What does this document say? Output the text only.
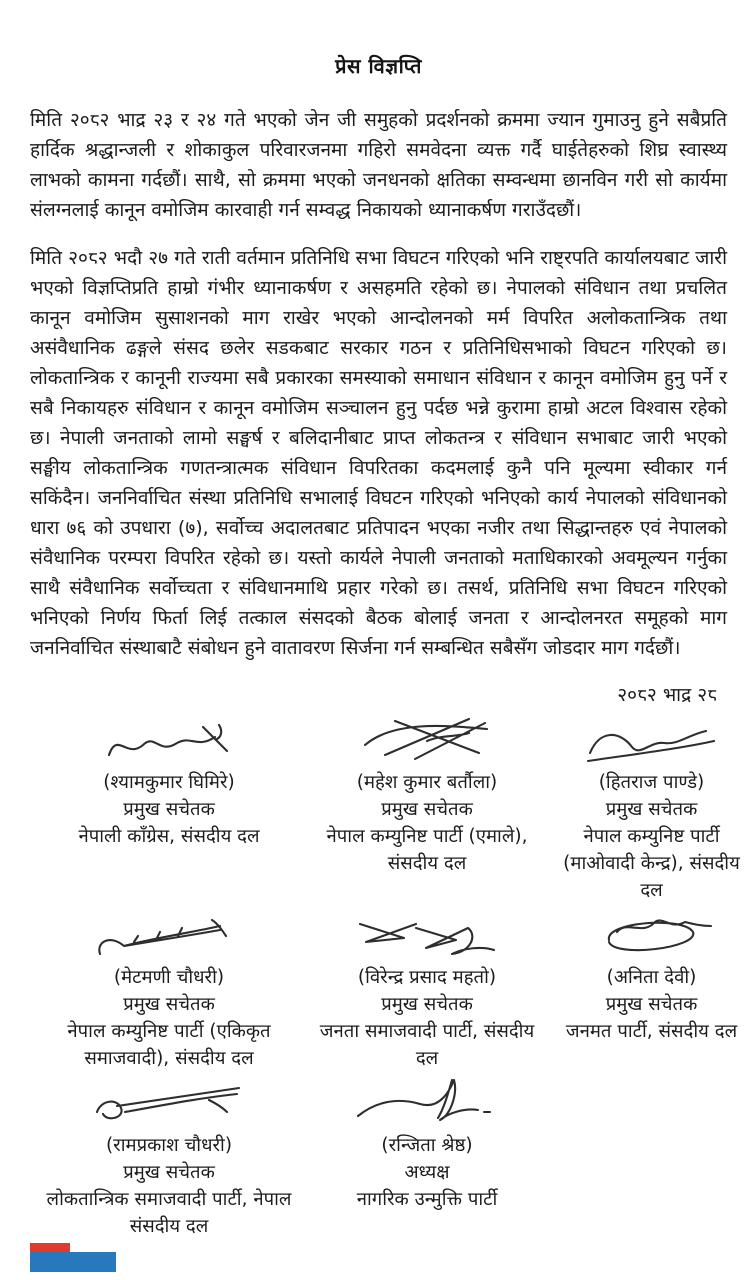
प्रेस विज्ञप्ति

मिति २०८२ भाद्र २३ र २४ गते भएको जेन जी समुहको प्रदर्शनको क्रममा ज्यान गुमाउनु हुने सबैप्रति हार्दिक श्रद्धान्जली र शोकाकुल परिवारजनमा गहिरो समवेदना व्यक्त गर्दै घाईतेहरुको शिघ्र स्वास्थ्य लाभको कामना गर्दछौं। साथै, सो क्रममा भएको जनधनको क्षतिका सम्वन्धमा छानविन गरी सो कार्यमा संलग्नलाई कानून वमोजिम कारवाही गर्न सम्वद्ध निकायको ध्यानाकर्षण गराउँदछौं।

मिति २०८२ भदौ २७ गते राती वर्तमान प्रतिनिधि सभा विघटन गरिएको भनि राष्ट्रपति कार्यालयबाट जारी भएको विज्ञप्तिप्रति हाम्रो गंभीर ध्यानाकर्षण र असहमति रहेको छ। नेपालको संविधान तथा प्रचलित कानून वमोजिम सुसाशनको माग राखेर भएको आन्दोलनको मर्म विपरित अलोकतान्त्रिक तथा असंवैधानिक ढङ्गले संसद छलेर सडकबाट सरकार गठन र प्रतिनिधिसभाको विघटन गरिएको छ। लोकतान्त्रिक र कानूनी राज्यमा सबै प्रकारका समस्याको समाधान संविधान र कानून वमोजिम हुनु पर्ने र सबै निकायहरु संविधान र कानून वमोजिम सञ्चालन हुनु पर्दछ भन्ने कुरामा हाम्रो अटल विश्वास रहेको छ। नेपाली जनताको लामो सङ्घर्ष र बलिदानीबाट प्राप्त लोकतन्त्र र संविधान सभाबाट जारी भएको सङ्घीय लोकतान्त्रिक गणतन्त्रात्मक संविधान विपरितका कदमलाई कुनै पनि मूल्यमा स्वीकार गर्न सकिंदैन। जननिर्वाचित संस्था प्रतिनिधि सभालाई विघटन गरिएको भनिएको कार्य नेपालको संविधानको धारा ७६ को उपधारा (७), सर्वोच्च अदालतबाट प्रतिपादन भएका नजीर तथा सिद्धान्तहरु एवं नेपालको संवैधानिक परम्परा विपरित रहेको छ। यस्तो कार्यले नेपाली जनताको मताधिकारको अवमूल्यन गर्नुका साथै संवैधानिक सर्वोच्चता र संविधानमाथि प्रहार गरेको छ। तसर्थ, प्रतिनिधि सभा विघटन गरिएको भनिएको निर्णय फिर्ता लिई तत्काल संसदको बैठक बोलाई जनता र आन्दोलनरत समूहको माग जननिर्वाचित संस्थाबाटै संबोधन हुने वातावरण सिर्जना गर्न सम्बन्धित सबैसँग जोडदार माग गर्दछौं।

२०८२ भाद्र २८
(श्यामकुमार घिमिरे)
प्रमुख सचेतक
नेपाली काँग्रेस, संसदीय दल
(महेश कुमार बर्तौला)
प्रमुख सचेतक
नेपाल कम्युनिष्ट पार्टी (एमाले), संसदीय दल
(हितराज पाण्डे)
प्रमुख सचेतक
नेपाल कम्युनिष्ट पार्टी (माओवादी केन्द्र), संसदीय दल
(मेटमणी चौधरी)
प्रमुख सचेतक
नेपाल कम्युनिष्ट पार्टी (एकिकृत समाजवादी), संसदीय दल
(विरेन्द्र प्रसाद महतो)
प्रमुख सचेतक
जनता समाजवादी पार्टी, संसदीय दल
(अनिता देवी)
प्रमुख सचेतक
जनमत पार्टी, संसदीय दल
(रामप्रकाश चौधरी)
प्रमुख सचेतक
लोकतान्त्रिक समाजवादी पार्टी, नेपाल संसदीय दल
(रन्जिता श्रेष्ठ)
अध्यक्ष
नागरिक उन्मुक्ति पार्टी
